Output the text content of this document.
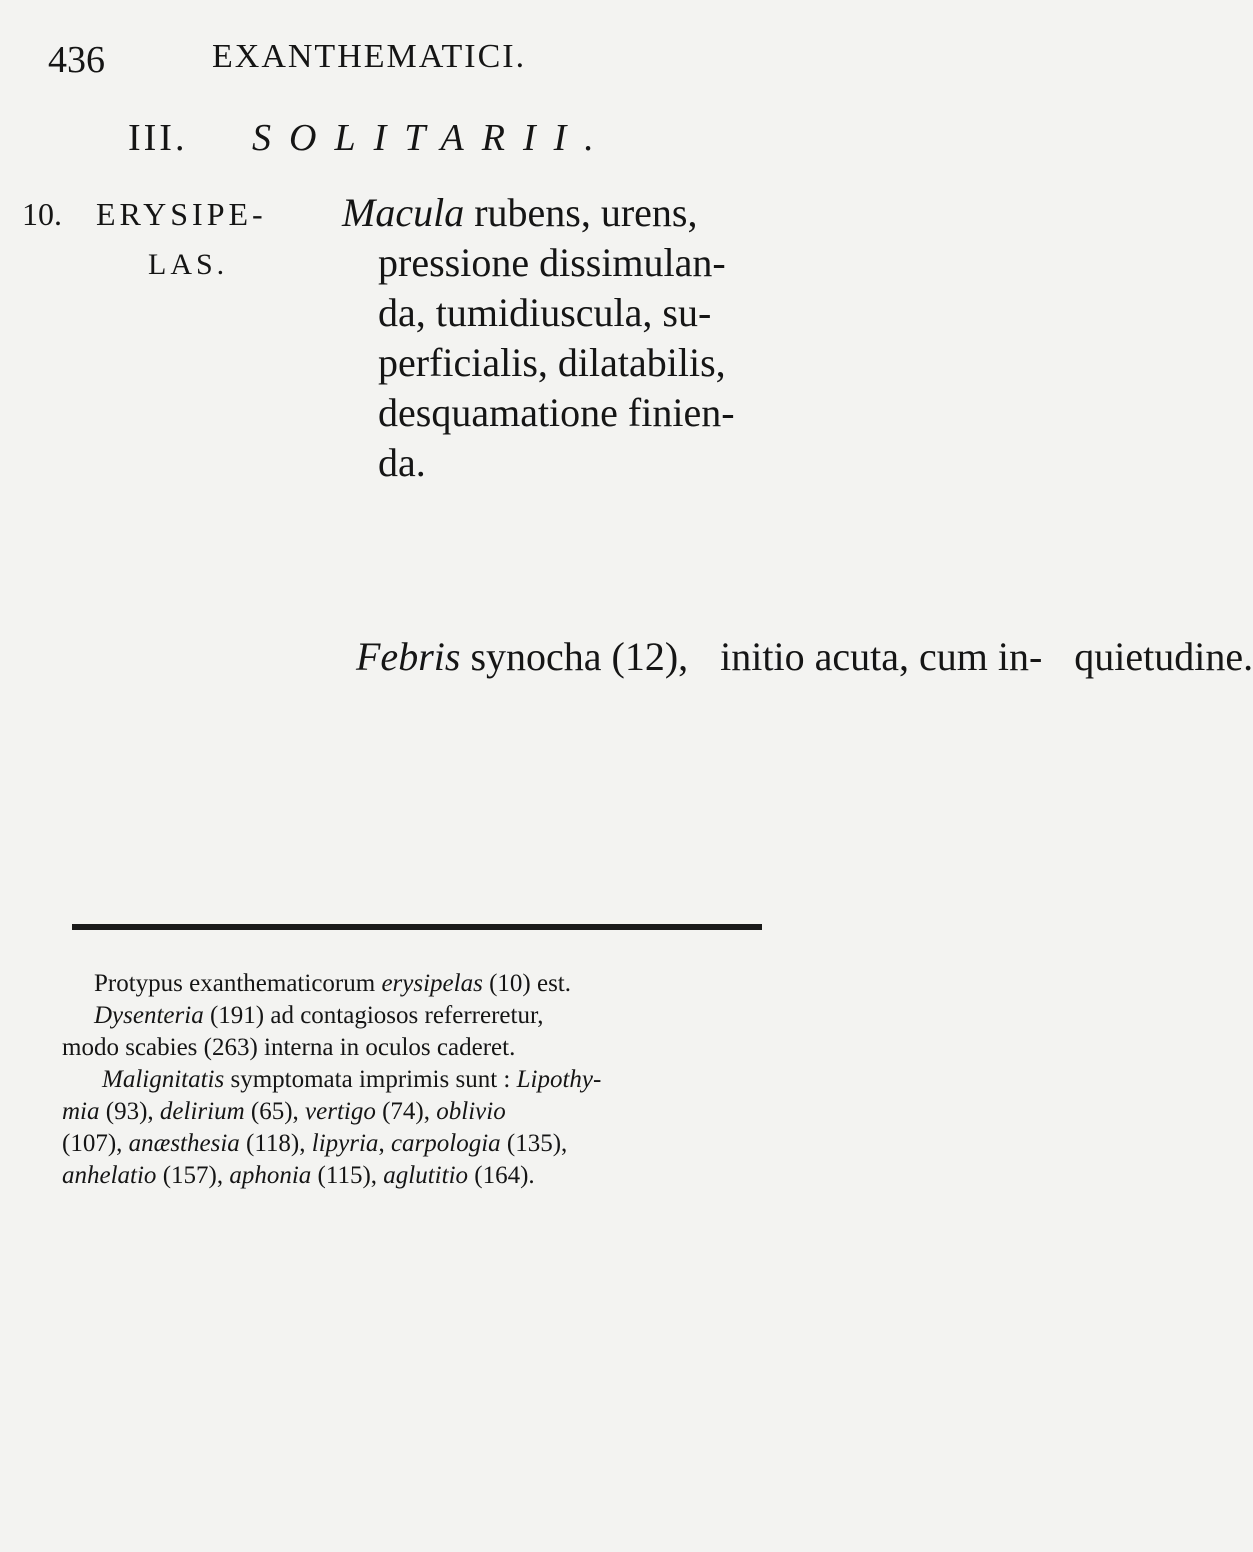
436	EXANTHEMATICI.
III. SOLITARII.
10. ERYSIPE-
LAS.
Macula rubens, urens,
pressione dissimulan-
da, tumidiuscula, su-
perficialis, dilatabilis,
desquamatione finien-
da.
Febris synocha (12), initio acuta, cum in- quietudine.
Protypus exanthematicorum erysipelas (10) est.
Dysenteria (191) ad contagiosos referreretur,
modo scabies (263) interna in oculos caderet.
Malignitatis symptomata imprimis sunt : Lipothy-
mia (93), delirium (65), vertigo (74), oblivio
(107), anæsthesia (118), lipyria, carpologia (135),
anhelatio (157), aphonia (115), aglutitio (164).
